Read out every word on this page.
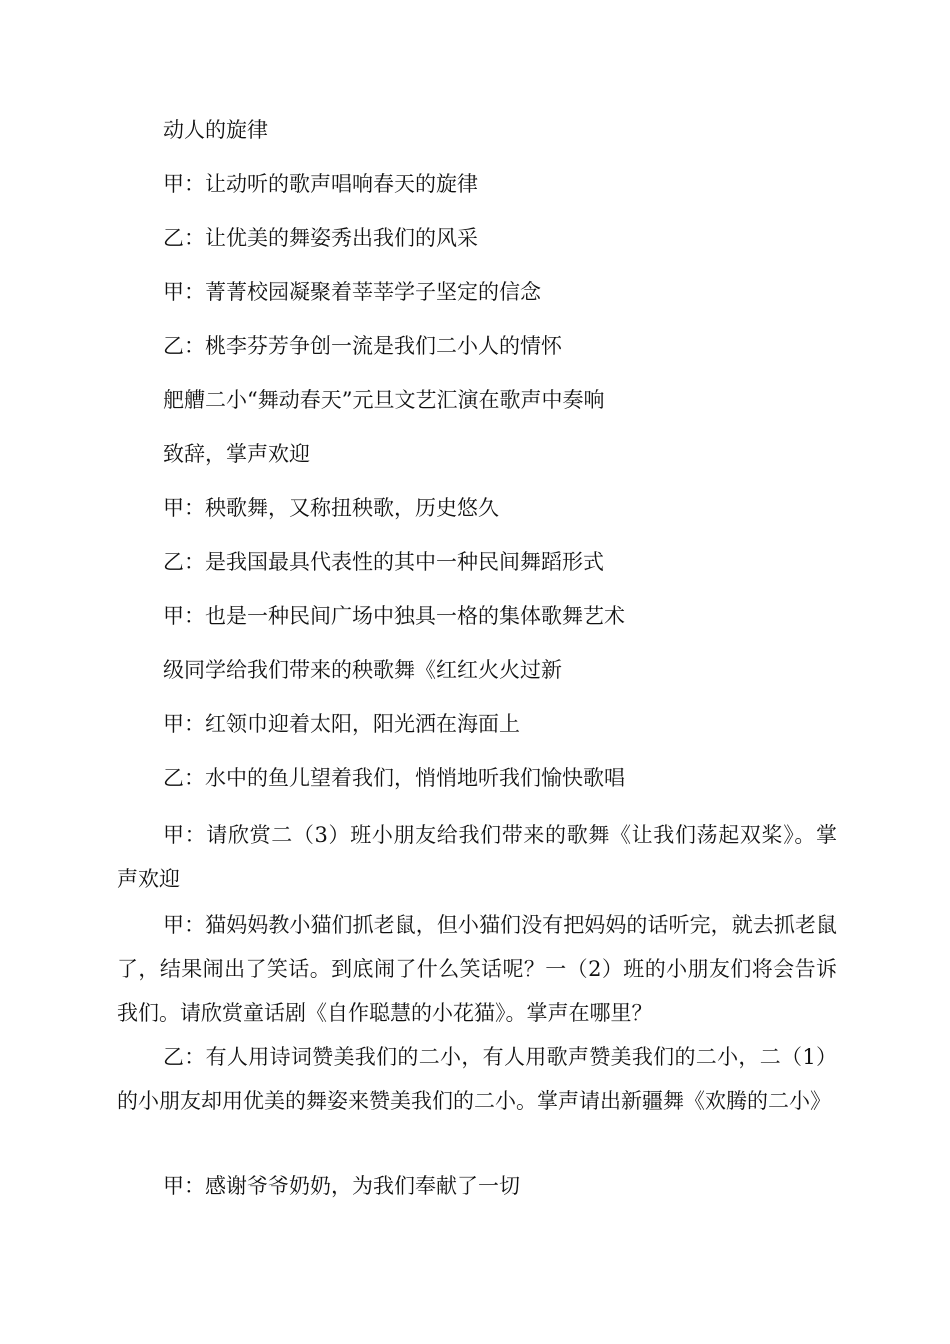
动人的旋律
甲：让动听的歌声唱响春天的旋律
乙：让优美的舞姿秀出我们的风采
甲：菁菁校园凝聚着莘莘学子坚定的信念
乙：桃李芬芳争创一流是我们二小人的情怀
舥艚二小“舞动春天”元旦文艺汇演在歌声中奏响
致辞，掌声欢迎
甲：秧歌舞，又称扭秧歌，历史悠久
乙：是我国最具代表性的其中一种民间舞蹈形式
甲：也是一种民间广场中独具一格的集体歌舞艺术
级同学给我们带来的秧歌舞《红红火火过新
甲：红领巾迎着太阳，阳光洒在海面上
乙：水中的鱼儿望着我们，悄悄地听我们愉快歌唱
甲：请欣赏二（3）班小朋友给我们带来的歌舞《让我们荡起双桨》。掌声欢迎
甲：猫妈妈教小猫们抓老鼠，但小猫们没有把妈妈的话听完，就去抓老鼠了，结果闹出了笑话。到底闹了什么笑话呢？一（2）班的小朋友们将会告诉我们。请欣赏童话剧《自作聪慧的小花猫》。掌声在哪里？
乙：有人用诗词赞美我们的二小，有人用歌声赞美我们的二小，二（1）的小朋友却用优美的舞姿来赞美我们的二小。掌声请出新疆舞《欢腾的二小》
甲：感谢爷爷奶奶，为我们奉献了一切
